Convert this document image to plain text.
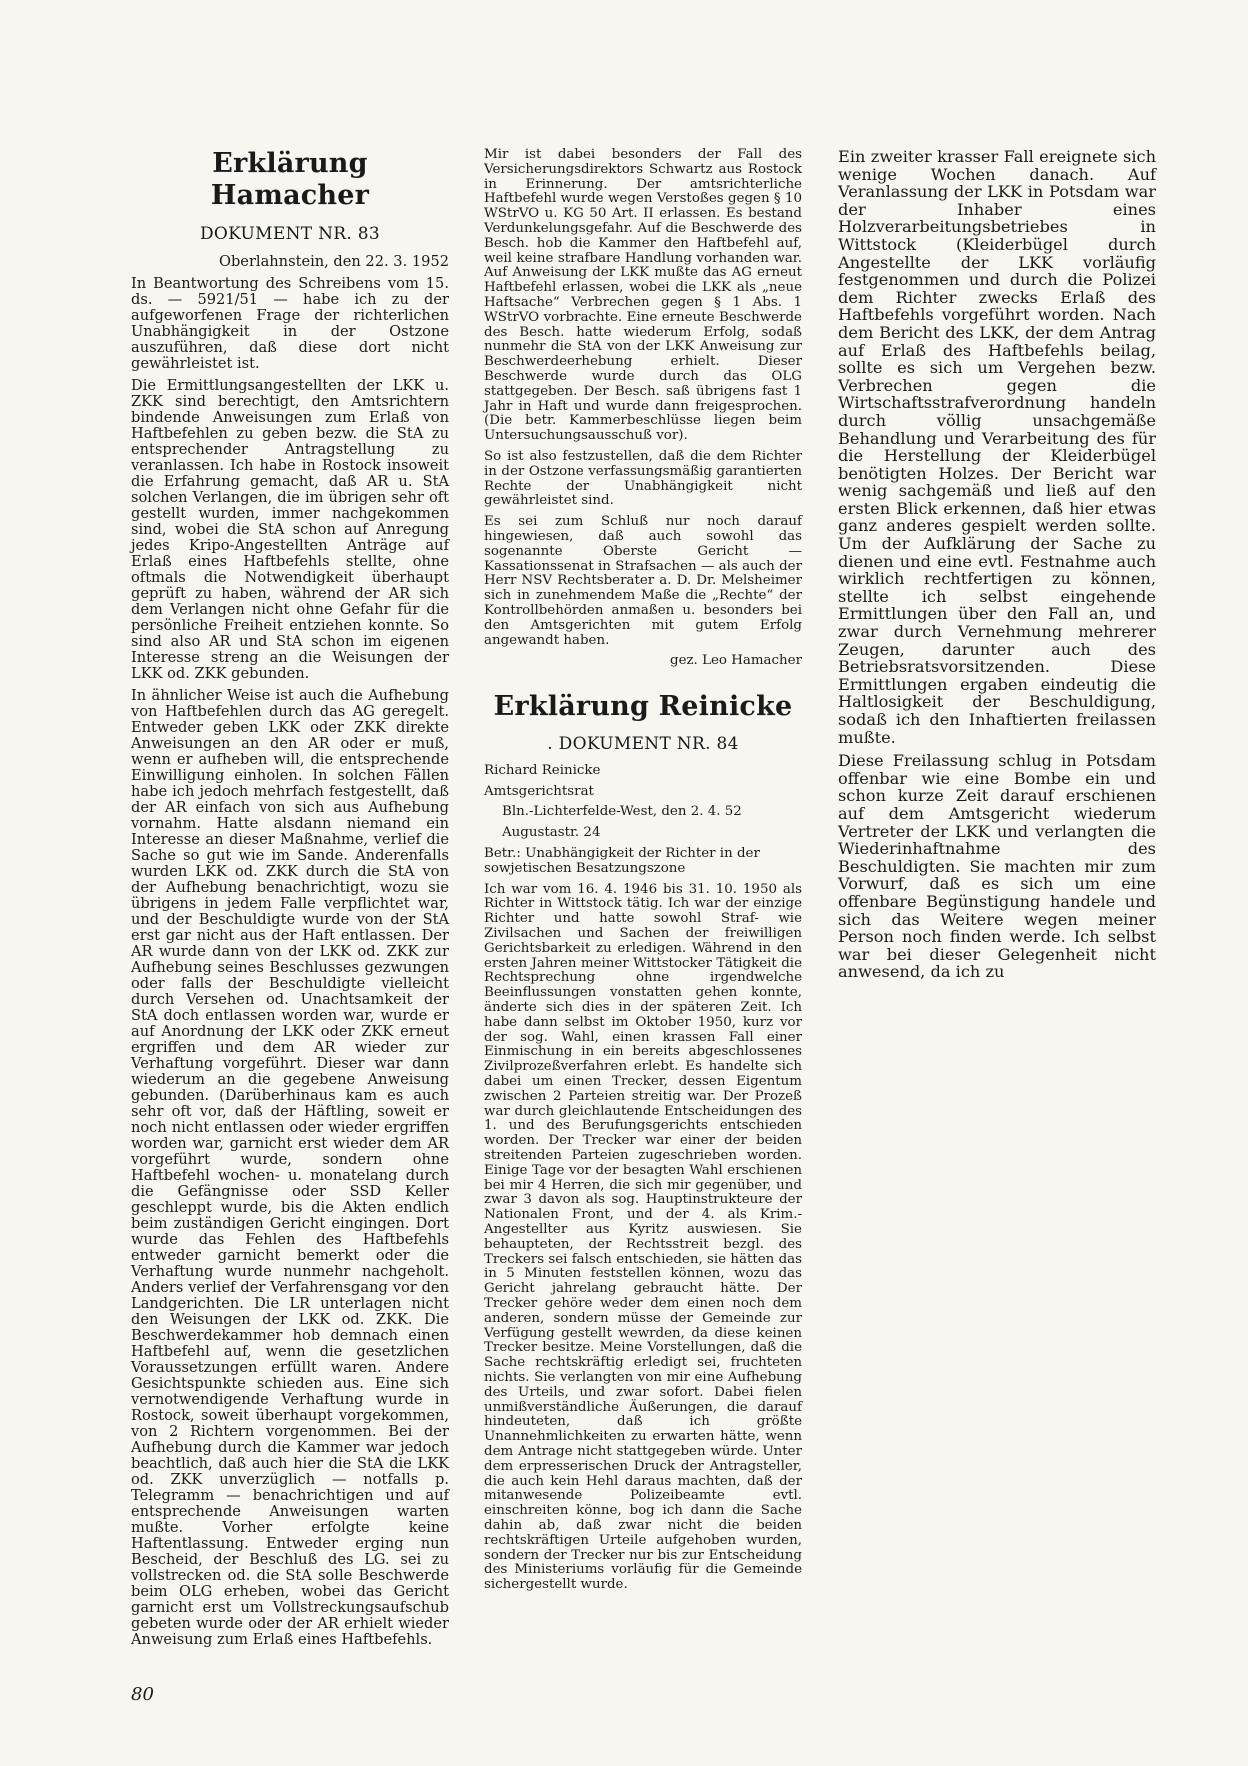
Erklärung Hamacher
DOKUMENT NR. 83
Oberlahnstein, den 22. 3. 1952

In Beantwortung des Schreibens vom 15. ds. — 5921/51 — habe ich zu der aufgeworfenen Frage der richterlichen Unabhängigkeit in der Ostzone auszuführen, daß diese dort nicht gewährleistet ist.

Die Ermittlungsangestellten der LKK u. ZKK sind berechtigt, den Amtsrichtern bindende Anweisungen zum Erlaß von Haftbefehlen zu geben bezw. die StA zu entsprechender Antragstellung zu veranlassen. Ich habe in Rostock insoweit die Erfahrung gemacht, daß AR u. StA solchen Verlangen, die im übrigen sehr oft gestellt wurden, immer nachgekommen sind, wobei die StA schon auf Anregung jedes Kripo-Angestellten Anträge auf Erlaß eines Haftbefehls stellte, ohne oftmals die Notwendigkeit überhaupt geprüft zu haben, während der AR sich dem Verlangen nicht ohne Gefahr für die persönliche Freiheit entziehen konnte. So sind also AR und StA schon im eigenen Interesse streng an die Weisungen der LKK od. ZKK gebunden.

In ähnlicher Weise ist auch die Aufhebung von Haftbefehlen durch das AG geregelt. Entweder geben LKK oder ZKK direkte Anweisungen an den AR oder er muß, wenn er aufheben will, die entsprechende Einwilligung einholen. In solchen Fällen habe ich jedoch mehrfach festgestellt, daß der AR einfach von sich aus Aufhebung vornahm. Hatte alsdann niemand ein Interesse an dieser Maßnahme, verlief die Sache so gut wie im Sande. Anderenfalls wurden LKK od. ZKK durch die StA von der Aufhebung benachrichtigt, wozu sie übrigens in jedem Falle verpflichtet war, und der Beschuldigte wurde von der StA erst gar nicht aus der Haft entlassen. Der AR wurde dann von der LKK od. ZKK zur Aufhebung seines Beschlusses gezwungen oder falls der Beschuldigte vielleicht durch Versehen od. Unachtsamkeit der StA doch entlassen worden war, wurde er auf Anordnung der LKK oder ZKK erneut ergriffen und dem AR wieder zur Verhaftung vorgeführt. Dieser war dann wiederum an die gegebene Anweisung gebunden. (Darüberhinaus kam es auch sehr oft vor, daß der Häftling, soweit er noch nicht entlassen oder wieder ergriffen worden war, garnicht erst wieder dem AR vorgeführt wurde, sondern ohne Haftbefehl wochen- u. monatelang durch die Gefängnisse oder SSD Keller geschleppt wurde, bis die Akten endlich beim zuständigen Gericht eingingen. Dort wurde das Fehlen des Haftbefehls entweder garnicht bemerkt oder die Verhaftung wurde nunmehr nachgeholt. Anders verlief der Verfahrensgang vor den Landgerichten. Die LR unterlagen nicht den Weisungen der LKK od. ZKK. Die Beschwerdekammer hob demnach einen Haftbefehl auf, wenn die gesetzlichen Voraussetzungen erfüllt waren. Andere Gesichtspunkte schieden aus. Eine sich vernotwendigende Verhaftung wurde in Rostock, soweit überhaupt vorgekommen, von 2 Richtern vorgenommen. Bei der Aufhebung durch die Kammer war jedoch beachtlich, daß auch hier die StA die LKK od. ZKK unverzüglich — notfalls p. Telegramm — benachrichtigen und auf entsprechende Anweisungen warten mußte. Vorher erfolgte keine Haftentlassung. Entweder erging nun Bescheid, der Beschluß des LG. sei zu vollstrecken od. die StA solle Beschwerde beim OLG erheben, wobei das Gericht garnicht erst um Vollstreckungsaufschub gebeten wurde oder der AR erhielt wieder Anweisung zum Erlaß eines Haftbefehls.

Mir ist dabei besonders der Fall des Versicherungsdirektors Schwartz aus Rostock in Erinnerung. Der amtsrichterliche Haftbefehl wurde wegen Verstoßes gegen § 10 WStrVO u. KG 50 Art. II erlassen. Es bestand Verdunkelungsgefahr. Auf die Beschwerde des Besch. hob die Kammer den Haftbefehl auf, weil keine strafbare Handlung vorhanden war. Auf Anweisung der LKK mußte das AG erneut Haftbefehl erlassen, wobei die LKK als „neue Haftsache“ Verbrechen gegen § 1 Abs. 1 WStrVO vorbrachte. Eine erneute Beschwerde des Besch. hatte wiederum Erfolg, sodaß nunmehr die StA von der LKK Anweisung zur Beschwerdeerhebung erhielt. Dieser Beschwerde wurde durch das OLG stattgegeben. Der Besch. saß übrigens fast 1 Jahr in Haft und wurde dann freigesprochen. (Die betr. Kammerbeschlüsse liegen beim Untersuchungsausschuß vor).

So ist also festzustellen, daß die dem Richter in der Ostzone verfassungsmäßig garantierten Rechte der Unabhängigkeit nicht gewährleistet sind.

Es sei zum Schluß nur noch darauf hingewiesen, daß auch sowohl das sogenannte Oberste Gericht — Kassationssenat in Strafsachen — als auch der Herr NSV Rechtsberater a. D. Dr. Melsheimer sich in zunehmendem Maße die „Rechte“ der Kontrollbehörden anmaßen u. besonders bei den Amtsgerichten mit gutem Erfolg angewandt haben.

gez. Leo Hamacher
Erklärung Reinicke
. DOKUMENT NR. 84

Richard Reinicke

Amtsgerichtsrat

Bln.-Lichterfelde-West, den 2. 4. 52

Augustastr. 24

Betr.: Unabhängigkeit der Richter in der sowjetischen Besatzungszone

Ich war vom 16. 4. 1946 bis 31. 10. 1950 als Richter in Wittstock tätig. Ich war der einzige Richter und hatte sowohl Straf- wie Zivilsachen und Sachen der freiwilligen Gerichtsbarkeit zu erledigen. Während in den ersten Jahren meiner Wittstocker Tätigkeit die Rechtsprechung ohne irgendwelche Beeinflussungen vonstatten gehen konnte, änderte sich dies in der späteren Zeit. Ich habe dann selbst im Oktober 1950, kurz vor der sog. Wahl, einen krassen Fall einer Einmischung in ein bereits abgeschlossenes Zivilprozeßverfahren erlebt. Es handelte sich dabei um einen Trecker, dessen Eigentum zwischen 2 Parteien streitig war. Der Prozeß war durch gleichlautende Entscheidungen des 1. und des Berufungsgerichts entschieden worden. Der Trecker war einer der beiden streitenden Parteien zugeschrieben worden. Einige Tage vor der besagten Wahl erschienen bei mir 4 Herren, die sich mir gegenüber, und zwar 3 davon als sog. Hauptinstrukteure der Nationalen Front, und der 4. als Krim.-Angestellter aus Kyritz auswiesen. Sie behaupteten, der Rechtsstreit bezgl. des Treckers sei falsch entschieden, sie hätten das in 5 Minuten feststellen können, wozu das Gericht jahrelang gebraucht hätte. Der Trecker gehöre weder dem einen noch dem anderen, sondern müsse der Gemeinde zur Verfügung gestellt wewrden, da diese keinen Trecker besitze. Meine Vorstellungen, daß die Sache rechtskräftig erledigt sei, fruchteten nichts. Sie verlangten von mir eine Aufhebung des Urteils, und zwar sofort. Dabei fielen unmißverständliche Äußerungen, die darauf hindeuteten, daß ich größte Unannehmlichkeiten zu erwarten hätte, wenn dem Antrage nicht stattgegeben würde. Unter dem erpresserischen Druck der Antragsteller, die auch kein Hehl daraus machten, daß der mitanwesende Polizeibeamte evtl. einschreiten könne, bog ich dann die Sache dahin ab, daß zwar nicht die beiden rechtskräftigen Urteile aufgehoben wurden, sondern der Trecker nur bis zur Entscheidung des Ministeriums vorläufig für die Gemeinde sichergestellt wurde.

Ein zweiter krasser Fall ereignete sich wenige Wochen danach. Auf Veranlassung der LKK in Potsdam war der Inhaber eines Holzverarbeitungsbetriebes in Wittstock (Kleiderbügel durch Angestellte der LKK vorläufig festgenommen und durch die Polizei dem Richter zwecks Erlaß des Haftbefehls vorgeführt worden. Nach dem Bericht des LKK, der dem Antrag auf Erlaß des Haftbefehls beilag, sollte es sich um Vergehen bezw. Verbrechen gegen die Wirtschaftsstrafverordnung handeln durch völlig unsachgemäße Behandlung und Verarbeitung des für die Herstellung der Kleiderbügel benötigten Holzes. Der Bericht war wenig sachgemäß und ließ auf den ersten Blick erkennen, daß hier etwas ganz anderes gespielt werden sollte. Um der Aufklärung der Sache zu dienen und eine evtl. Festnahme auch wirklich rechtfertigen zu können, stellte ich selbst eingehende Ermittlungen über den Fall an, und zwar durch Vernehmung mehrerer Zeugen, darunter auch des Betriebsratsvorsitzenden. Diese Ermittlungen ergaben eindeutig die Haltlosigkeit der Beschuldigung, sodaß ich den Inhaftierten freilassen mußte.

Diese Freilassung schlug in Potsdam offenbar wie eine Bombe ein und schon kurze Zeit darauf erschienen auf dem Amtsgericht wiederum Vertreter der LKK und verlangten die Wiederinhaftnahme des Beschuldigten. Sie machten mir zum Vorwurf, daß es sich um eine offenbare Begünstigung handele und sich das Weitere wegen meiner Person noch finden werde. Ich selbst war bei dieser Gelegenheit nicht anwesend, da ich zu

80
